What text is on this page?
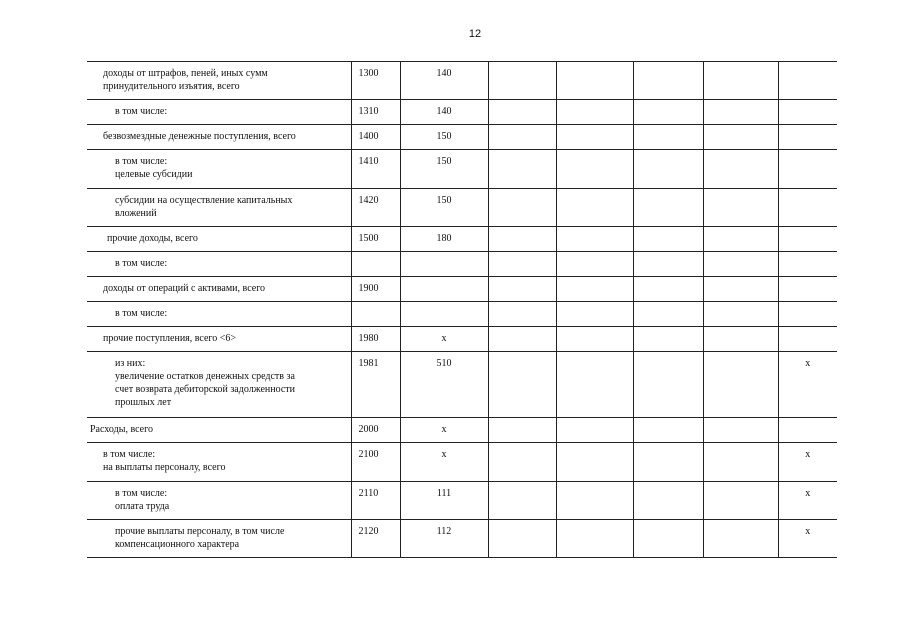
12
доходы от штрафов, пеней, иных сумм
принудительного изъятия, всего	1300	140					

в том числе:	1310	140					

безвозмездные денежные поступления, всего	1400	150					

в том числе:
целевые субсидии	1410	150					

субсидии на осуществление капитальных
вложений	1420	150					

прочие доходы, всего	1500	180					

в том числе:							

доходы от операций с активами, всего	1900						

в том числе:							

прочие поступления, всего <6>	1980	x					

из них:
увеличение остатков денежных средств за
счет возврата дебиторской задолженности
прошлых лет	1981	510					x

Расходы, всего	2000	x					

в том числе:
на выплаты персоналу, всего	2100	x					x

в том числе:
оплата труда	2110	111					x

прочие выплаты персоналу, в том числе
компенсационного характера	2120	112					x
